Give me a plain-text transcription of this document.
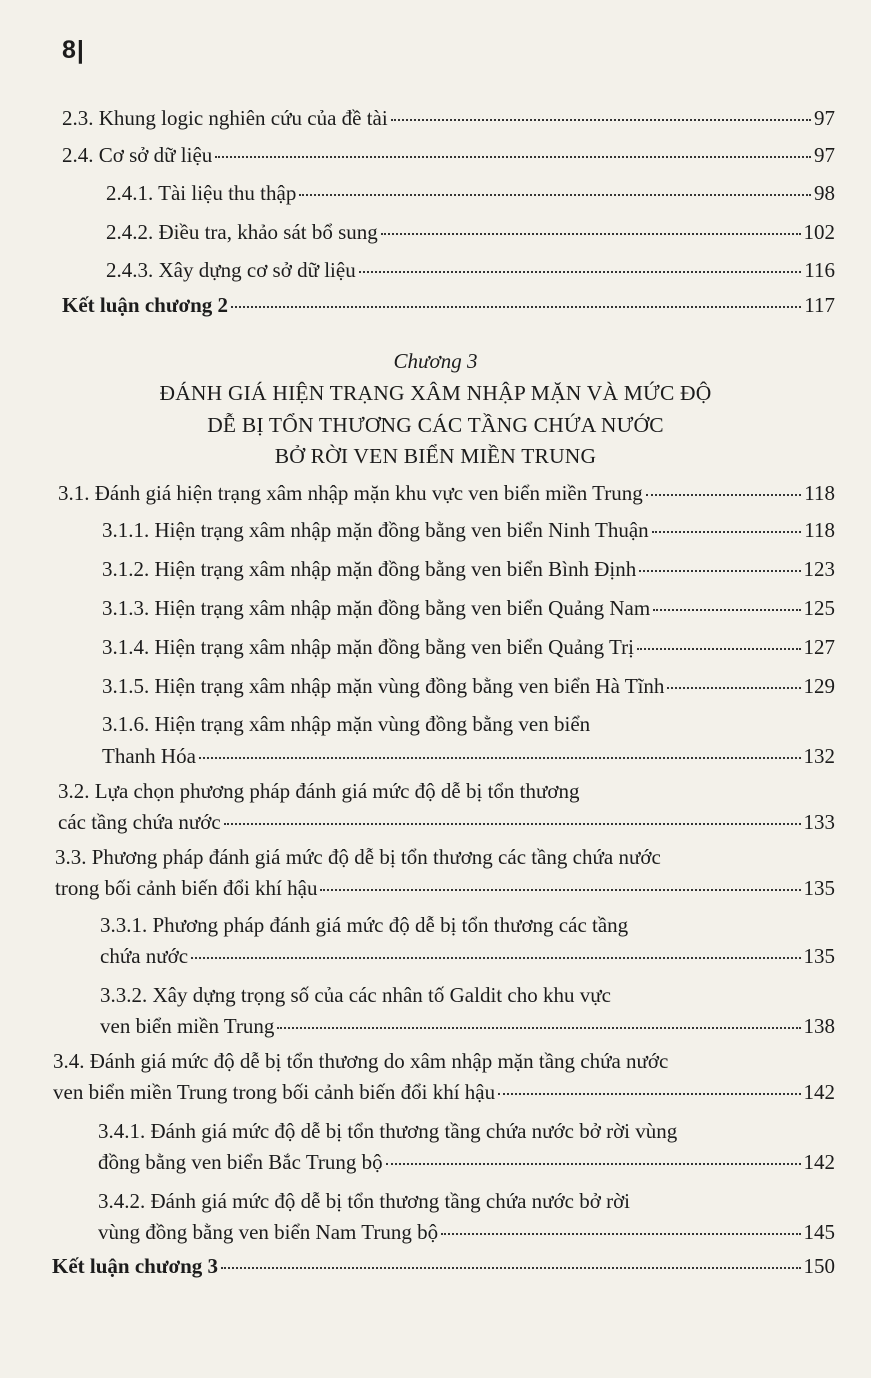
8|
2.3. Khung logic nghiên cứu của đề tài	97
2.4. Cơ sở dữ liệu	97
2.4.1. Tài liệu thu thập	98
2.4.2. Điều tra, khảo sát bổ sung	102
2.4.3. Xây dựng cơ sở dữ liệu	116
Kết luận chương 2	117
Chương 3
ĐÁNH GIÁ HIỆN TRẠNG XÂM NHẬP MẶN VÀ MỨC ĐỘ
DỄ BỊ TỔN THƯƠNG CÁC TẦNG CHỨA NƯỚC
BỞ RỜI VEN BIỂN MIỀN TRUNG
3.1. Đánh giá hiện trạng xâm nhập mặn khu vực ven biển miền Trung	118
3.1.1. Hiện trạng xâm nhập mặn đồng bằng ven biển Ninh Thuận	118
3.1.2. Hiện trạng xâm nhập mặn đồng bằng ven biển Bình Định	123
3.1.3. Hiện trạng xâm nhập mặn đồng bằng ven biển Quảng Nam	125
3.1.4. Hiện trạng xâm nhập mặn đồng bằng ven biển Quảng Trị	127
3.1.5. Hiện trạng xâm nhập mặn vùng đồng bằng ven biển Hà Tĩnh	129
3.1.6. Hiện trạng xâm nhập mặn vùng đồng bằng ven biển
Thanh Hóa	132
3.2. Lựa chọn phương pháp đánh giá mức độ dễ bị tổn thương
các tầng chứa nước	133
3.3. Phương pháp đánh giá mức độ dễ bị tổn thương các tầng chứa nước
trong bối cảnh biến đổi khí hậu	135
3.3.1. Phương pháp đánh giá mức độ dễ bị tổn thương các tầng
chứa nước	135
3.3.2. Xây dựng trọng số của các nhân tố Galdit cho khu vực
ven biển miền Trung	138
3.4. Đánh giá mức độ dễ bị tổn thương do xâm nhập mặn tầng chứa nước
ven biển miền Trung trong bối cảnh biến đổi khí hậu	142
3.4.1. Đánh giá mức độ dễ bị tổn thương tầng chứa nước bở rời vùng
đồng bằng ven biển Bắc Trung bộ	142
3.4.2. Đánh giá mức độ dễ bị tổn thương tầng chứa nước bở rời
vùng đồng bằng ven biển Nam Trung bộ	145
Kết luận chương 3	150
